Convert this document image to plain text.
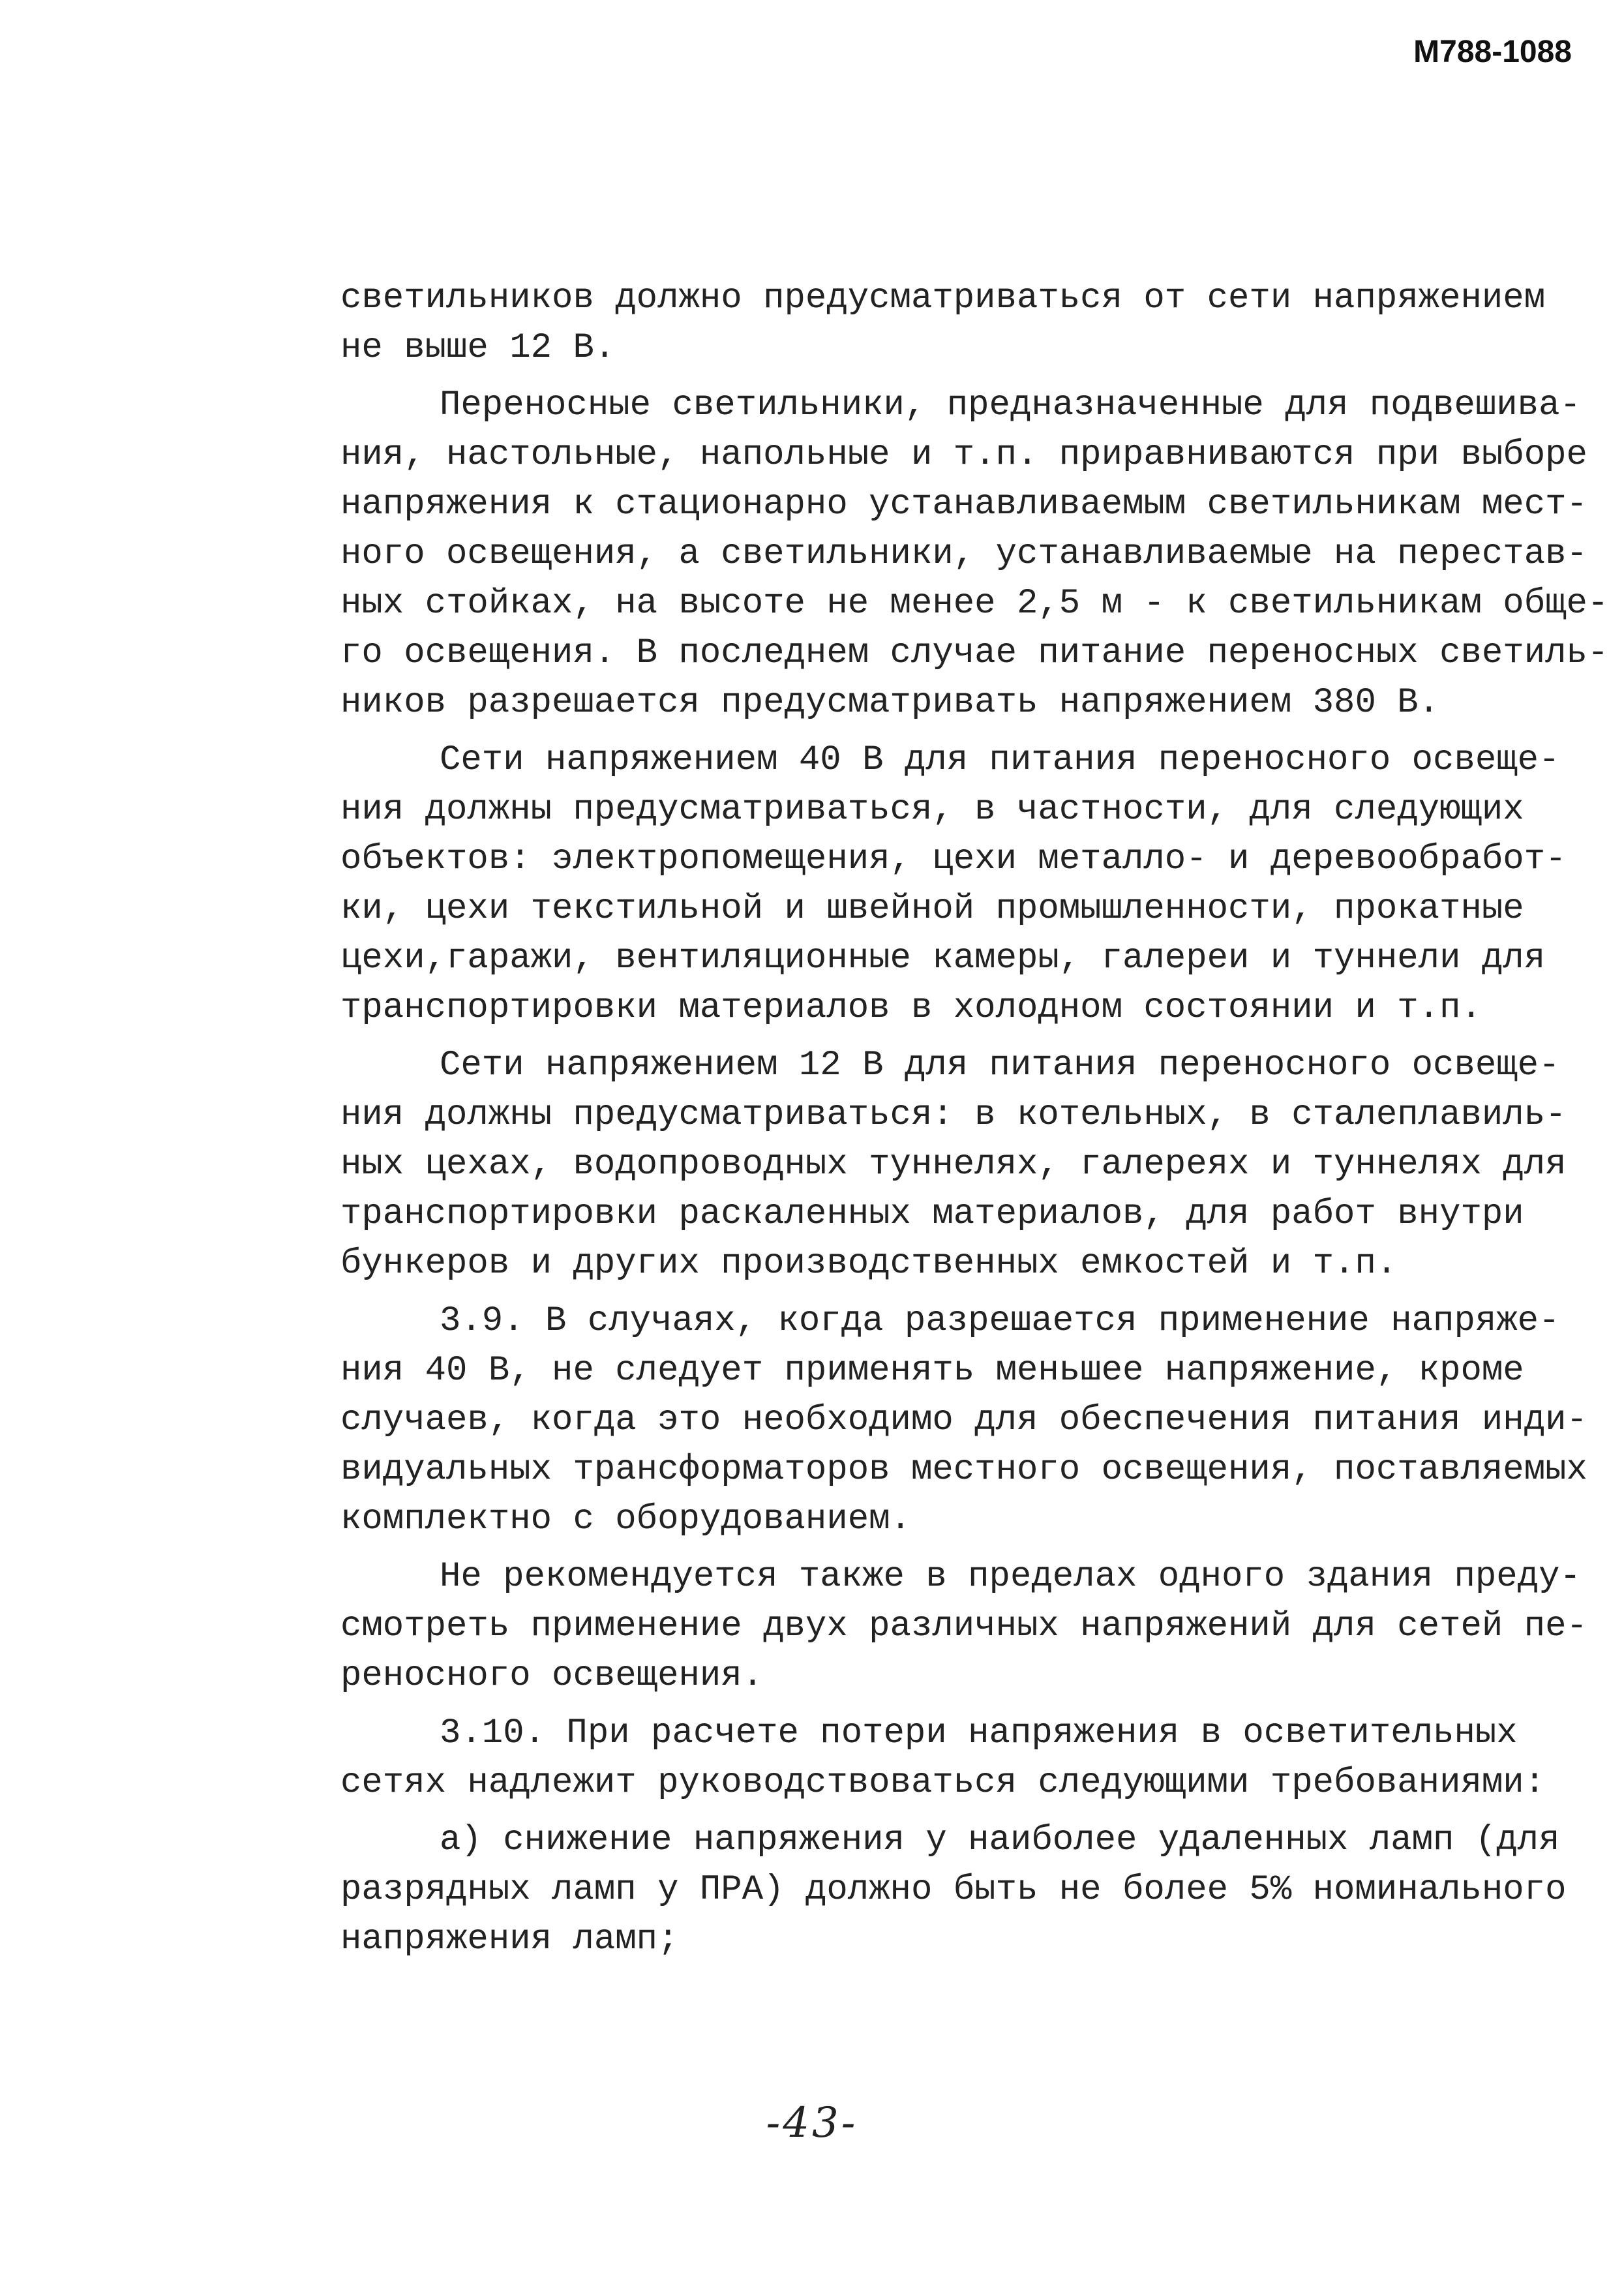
М788-1088
светильников должно предусматриваться от сети напряжением
не выше 12 В.
Переносные светильники, предназначенные для подвешива-
ния, настольные, напольные и т.п. приравниваются при выборе
напряжения к стационарно устанавливаемым светильникам мест-
ного освещения, а светильники, устанавливаемые на перестав-
ных стойках, на высоте не менее 2,5 м - к светильникам обще-
го освещения. В последнем случае питание переносных светиль-
ников разрешается предусматривать напряжением 380 В.
Сети напряжением 40 В для питания переносного освеще-
ния должны предусматриваться, в частности, для следующих
объектов: электропомещения, цехи металло- и деревообработ-
ки, цехи текстильной и швейной промышленности, прокатные
цехи,гаражи, вентиляционные камеры, галереи и туннели для
транспортировки материалов в холодном состоянии и т.п.
Сети напряжением 12 В для питания переносного освеще-
ния должны предусматриваться: в котельных, в сталеплавиль-
ных цехах, водопроводных туннелях, галереях и туннелях для
транспортировки раскаленных материалов, для работ внутри
бункеров и других производственных емкостей и т.п.
3.9. В случаях, когда разрешается применение напряже-
ния 40 В, не следует применять меньшее напряжение, кроме
случаев, когда это необходимо для обеспечения питания инди-
видуальных трансформаторов местного освещения, поставляемых
комплектно с оборудованием.
Не рекомендуется также в пределах одного здания преду-
смотреть применение двух различных напряжений для сетей пе-
реносного освещения.
3.10. При расчете потери напряжения в осветительных
сетях надлежит руководствоваться следующими требованиями:
а) снижение напряжения у наиболее удаленных ламп (для
разрядных ламп у ПРА) должно быть не более 5% номинального
напряжения ламп;
-43-
